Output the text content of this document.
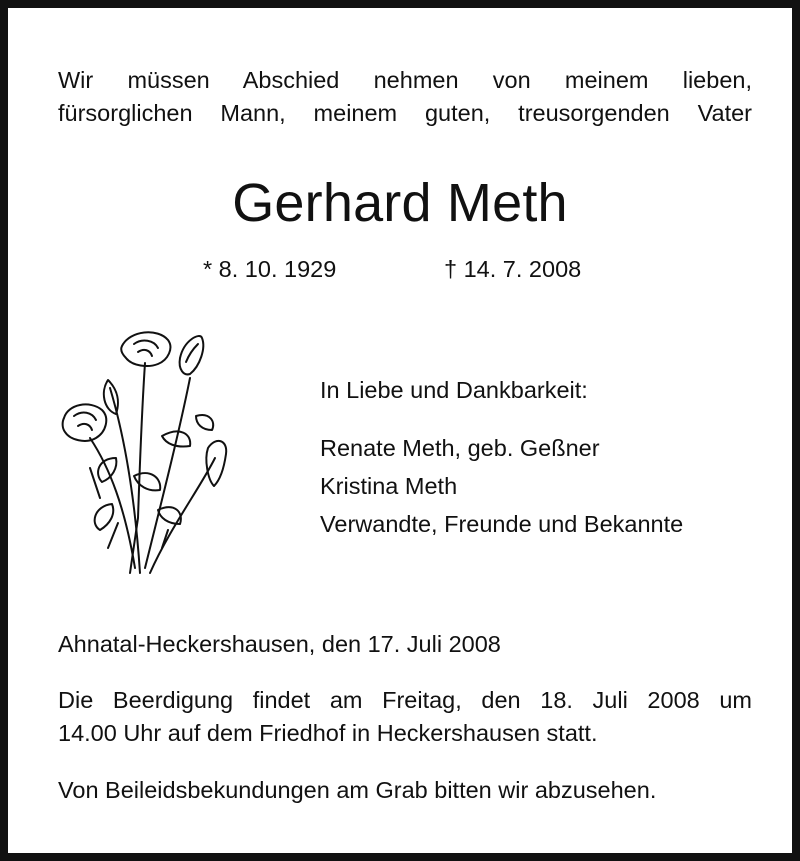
Wir müssen Abschied nehmen von meinem lieben,
fürsorglichen Mann, meinem guten, treusorgenden Vater
Gerhard Meth
* 8. 10. 1929	† 14. 7. 2008
In Liebe und Dankbarkeit:
Renate Meth, geb. Geßner
Kristina Meth
Verwandte, Freunde und Bekannte
Ahnatal-Heckershausen, den 17. Juli 2008
Die Beerdigung findet am Freitag, den 18. Juli 2008 um
14.00 Uhr auf dem Friedhof in Heckershausen statt.
Von Beileidsbekundungen am Grab bitten wir abzusehen.
